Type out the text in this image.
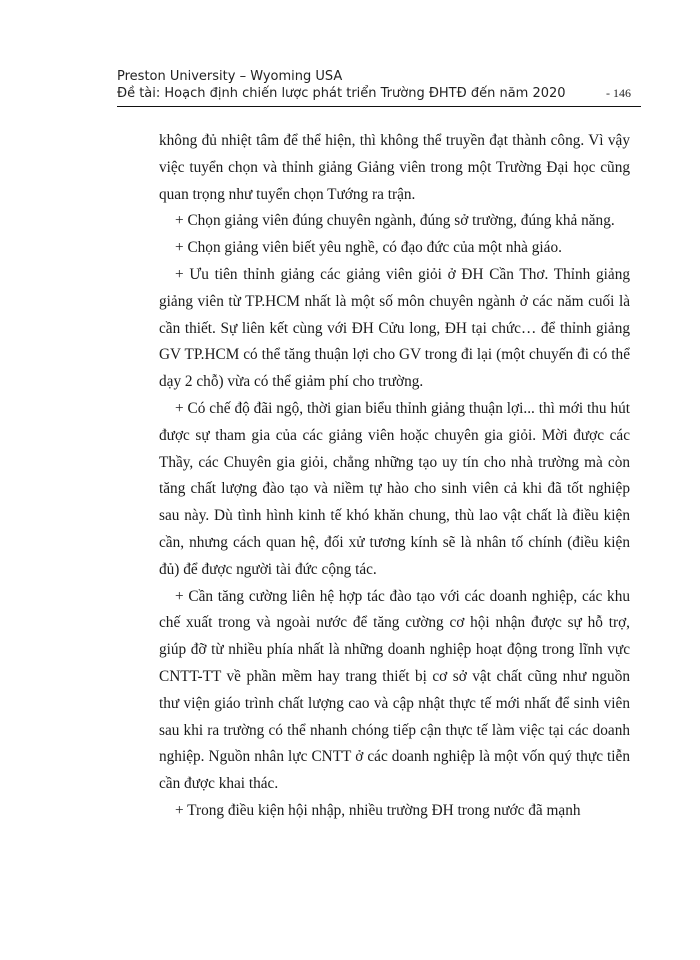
Preston University – Wyoming USA
Đề tài: Hoạch định chiến lược phát triển Trường ĐHTĐ đến năm 2020	- 146

không đủ nhiệt tâm để thể hiện, thì không thể truyền đạt thành công. Vì vậy việc tuyển chọn và thỉnh giảng Giảng viên trong một Trường Đại học cũng quan trọng như tuyển chọn Tướng ra trận.

+ Chọn giảng viên đúng chuyên ngành, đúng sở trường, đúng khả năng.

+ Chọn giảng viên biết yêu nghề, có đạo đức của một nhà giáo.

+ Ưu tiên thỉnh giảng các giảng viên giỏi ở ĐH Cần Thơ. Thỉnh giảng giảng viên từ TP.HCM nhất là một số môn chuyên ngành ở các năm cuối là cần thiết. Sự liên kết cùng với ĐH Cửu long, ĐH tại chức… để thỉnh giảng GV TP.HCM có thể tăng thuận lợi cho GV trong đi lại (một chuyến đi có thể dạy 2 chỗ) vừa có thể giảm phí cho trường.

+ Có chế độ đãi ngộ, thời gian biểu thỉnh giảng thuận lợi... thì mới thu hút được sự tham gia của các giảng viên hoặc chuyên gia giỏi. Mời được các Thầy, các Chuyên gia giỏi, chẳng những tạo uy tín cho nhà trường mà còn tăng chất lượng đào tạo và niềm tự hào cho sinh viên cả khi đã tốt nghiệp sau này. Dù tình hình kinh tế khó khăn chung, thù lao vật chất là điều kiện cần, nhưng cách quan hệ, đối xử tương kính sẽ là nhân tố chính (điều kiện đủ) để được người tài đức cộng tác.

+ Cần tăng cường liên hệ hợp tác đào tạo với các doanh nghiệp, các khu chế xuất trong và ngoài nước để tăng cường cơ hội nhận được sự hỗ trợ, giúp đỡ từ nhiều phía nhất là những doanh nghiệp hoạt động trong lĩnh vực CNTT-TT về phần mềm hay trang thiết bị cơ sở vật chất cũng như nguồn thư viện giáo trình chất lượng cao và cập nhật thực tế mới nhất để sinh viên sau khi ra trường có thể nhanh chóng tiếp cận thực tế làm việc tại các doanh nghiệp. Nguồn nhân lực CNTT ở các doanh nghiệp là một vốn quý thực tiễn cần được khai thác.

+ Trong điều kiện hội nhập, nhiều trường ĐH trong nước đã mạnh
